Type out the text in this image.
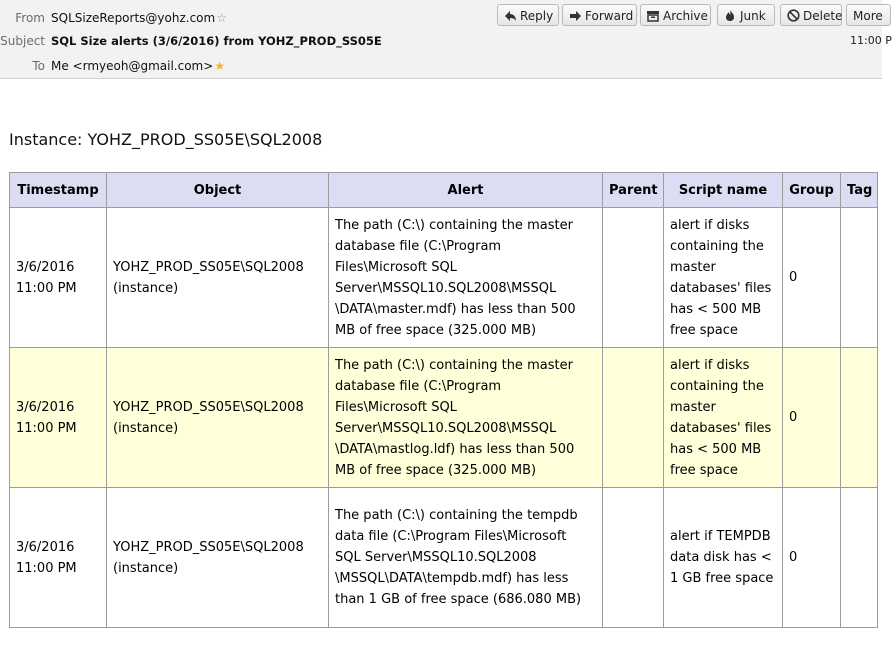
From SQLSizeReports@yohz.com☆
Subject SQL Size alerts (3/6/2016) from YOHZ_PROD_SS05E	11:00 P
To Me <rmyeoh@gmail.com>★
Reply	Forward	Archive	Junk	Delete More
Instance: YOHZ_PROD_SS05E\SQL2008
Timestamp	Object	Alert	Parent	Script name	Group	Tag
3/6/2016 11:00 PM	YOHZ_PROD_SS05E\SQL2008 (instance)	The path (C:\) containing the master database file (C:\Program Files\Microsoft SQL Server\MSSQL10.SQL2008\MSSQL \DATA\master.mdf) has less than 500 MB of free space (325.000 MB)		alert if disks containing the master databases' files has < 500 MB free space	0	
3/6/2016 11:00 PM	YOHZ_PROD_SS05E\SQL2008 (instance)	The path (C:\) containing the master database file (C:\Program Files\Microsoft SQL Server\MSSQL10.SQL2008\MSSQL \DATA\mastlog.ldf) has less than 500 MB of free space (325.000 MB)		alert if disks containing the master databases' files has < 500 MB free space	0	
3/6/2016 11:00 PM	YOHZ_PROD_SS05E\SQL2008 (instance)	The path (C:\) containing the tempdb data file (C:\Program Files\Microsoft SQL Server\MSSQL10.SQL2008 \MSSQL\DATA\tempdb.mdf) has less than 1 GB of free space (686.080 MB)		alert if TEMPDB data disk has < 1 GB free space	0	
